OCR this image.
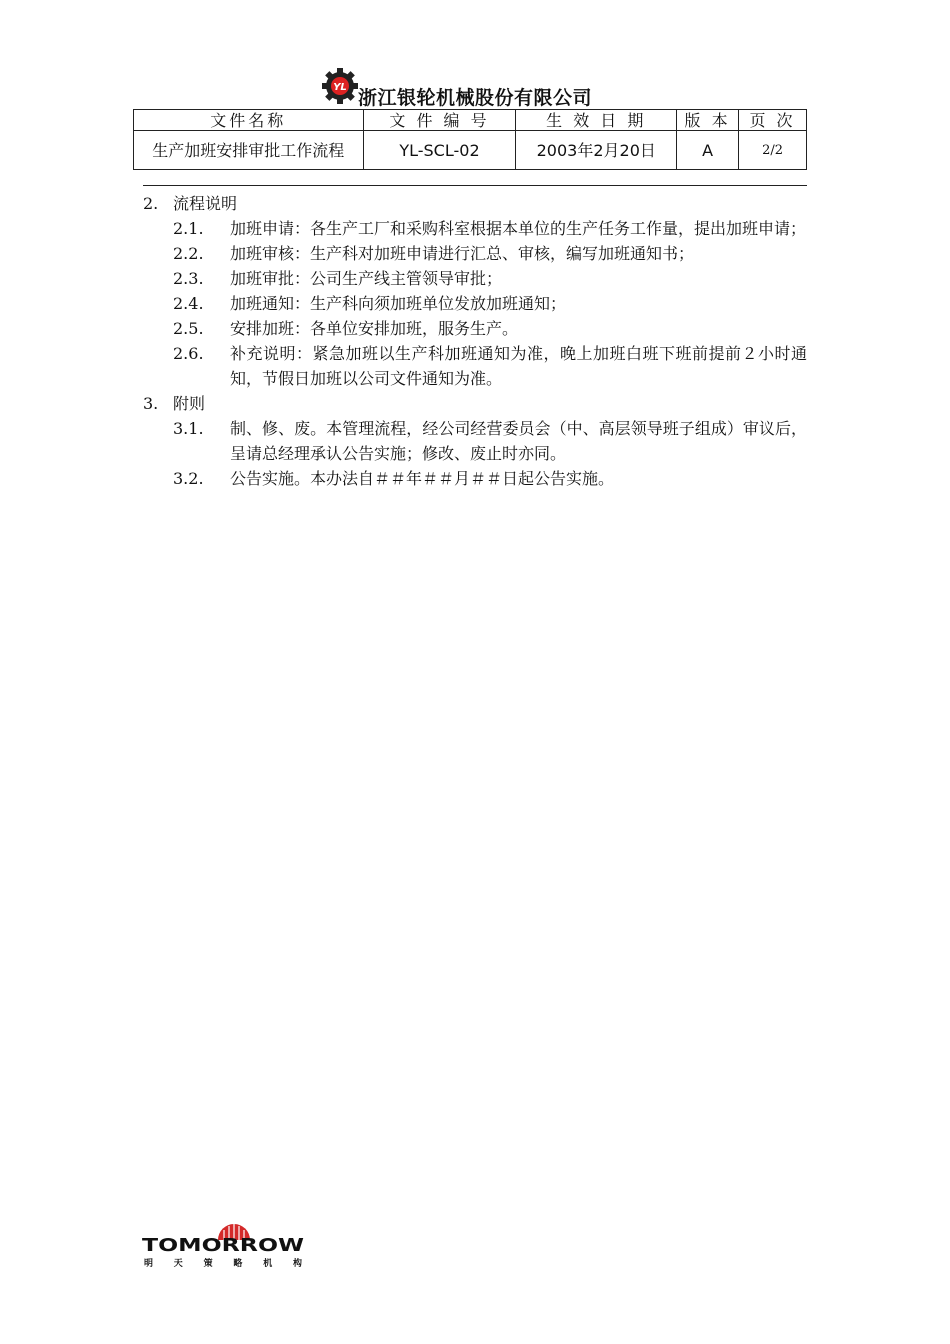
YL 浙江银轮机械股份有限公司
文件名称	文 件 编 号	生 效 日 期	版 本	页 次
生产加班安排审批工作流程	YL-SCL-02	2003年2月20日	A	2/2
2. 流程说明
2.1. 加班申请：各生产工厂和采购科室根据本单位的生产任务工作量，提出加班申请；
2.2. 加班审核：生产科对加班申请进行汇总、审核，编写加班通知书；
2.3. 加班审批：公司生产线主管领导审批；
2.4. 加班通知：生产科向须加班单位发放加班通知；
2.5. 安排加班：各单位安排加班，服务生产。
2.6. 补充说明：紧急加班以生产科加班通知为准，晚上加班白班下班前提前２小时通知，节假日加班以公司文件通知为准。
3. 附则
3.1. 制、修、废。本管理流程，经公司经营委员会（中、高层领导班子组成）审议后，呈请总经理承认公告实施；修改、废止时亦同。
3.2. 公告实施。本办法自＃＃年＃＃月＃＃日起公告实施。
TOMORROW
明天策略机构
